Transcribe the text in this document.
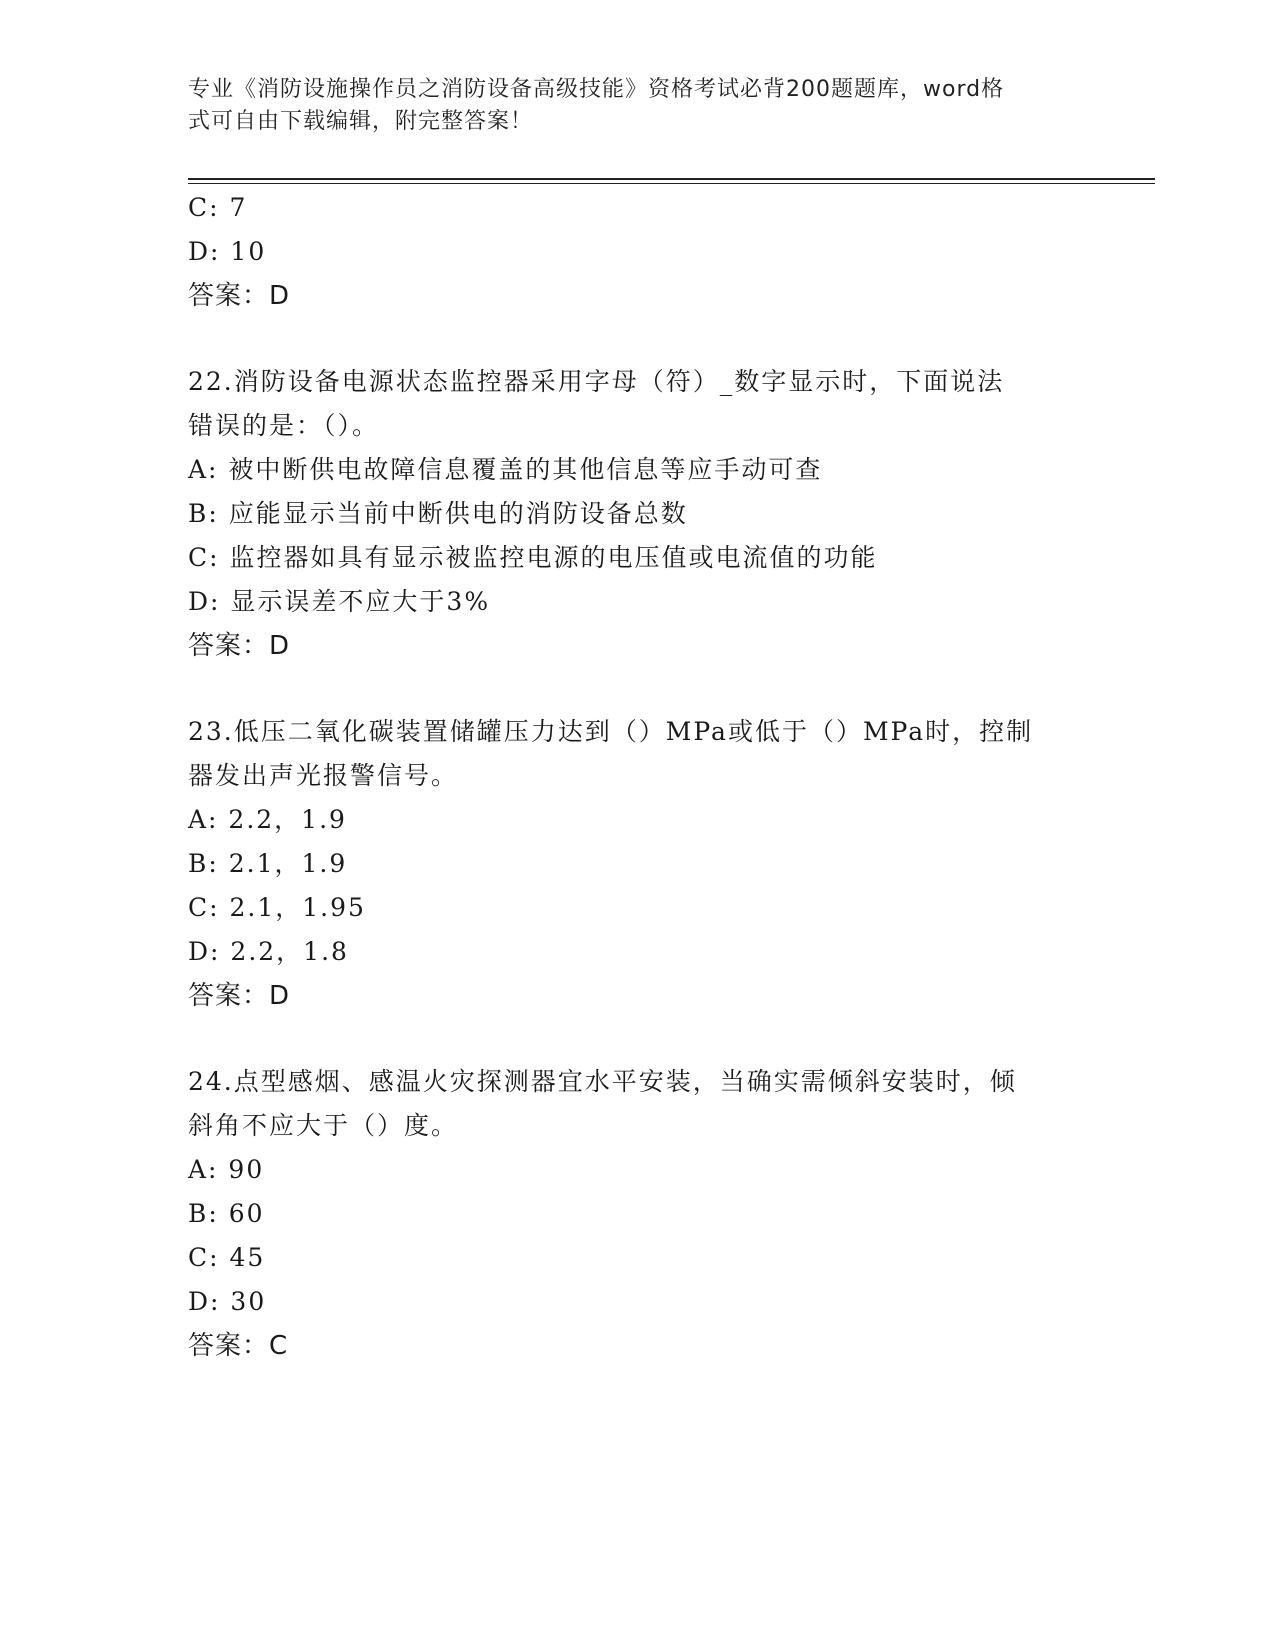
专业《消防设施操作员之消防设备高级技能》资格考试必背200题题库，word格
式可自由下载编辑，附完整答案！
C: 7
D: 10
答案：D
22.消防设备电源状态监控器采用字母（符）_数字显示时，下面说法
错误的是：（）。
A: 被中断供电故障信息覆盖的其他信息等应手动可查
B: 应能显示当前中断供电的消防设备总数
C: 监控器如具有显示被监控电源的电压值或电流值的功能
D: 显示误差不应大于3%
答案：D
23.低压二氧化碳装置储罐压力达到（）MPa或低于（）MPa时，控制
器发出声光报警信号。
A: 2.2，1.9
B: 2.1，1.9
C: 2.1，1.95
D: 2.2，1.8
答案：D
24.点型感烟、感温火灾探测器宜水平安装，当确实需倾斜安装时，倾
斜角不应大于（）度。
A: 90
B: 60
C: 45
D: 30
答案：C
